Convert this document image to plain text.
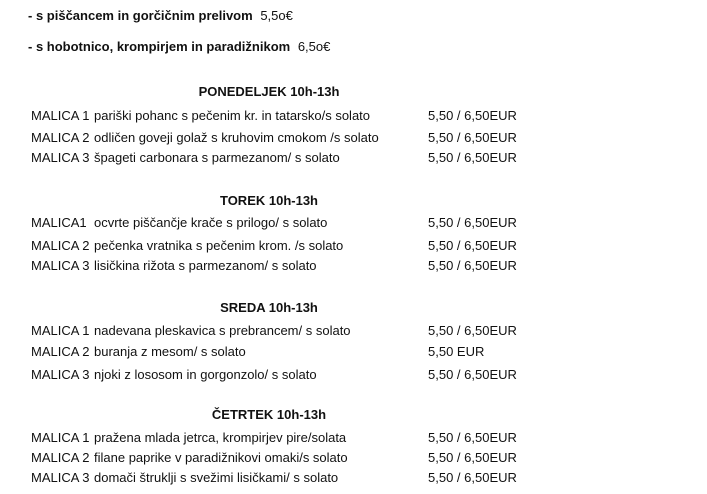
- s piščancem in gorčičnim prelivom 5,5o€
- s hobotnico, krompirjem in paradižnikom 6,5o€
PONEDELJEK 10h-13h
MALICA 1 pariški pohanc s pečenim kr. in tatarsko/s solato	5,50 / 6,50EUR
MALICA 2 odličen goveji golaž s kruhovim cmokom /s solato	5,50 / 6,50EUR
MALICA 3 špageti carbonara s parmezanom/ s solato	5,50 / 6,50EUR
TOREK 10h-13h
MALICA1 ocvrte piščančje krače s prilogo/ s solato	5,50 / 6,50EUR
MALICA 2 pečenka vratnika s pečenim krom. /s solato	5,50 / 6,50EUR
MALICA 3 lisičkina rižota s parmezanom/ s solato	5,50 / 6,50EUR
SREDA 10h-13h
MALICA 1 nadevana pleskavica s prebrancem/ s solato	5,50 / 6,50EUR
MALICA 2 buranja z mesom/ s solato	5,50 EUR
MALICA 3 njoki z lososom in gorgonzolo/ s solato	5,50 / 6,50EUR
ČETRTEK 10h-13h
MALICA 1 pražena mlada jetrca, krompirjev pire/solata	5,50 / 6,50EUR
MALICA 2 filane paprike v paradižnikovi omaki/s solato	5,50 / 6,50EUR
MALICA 3 domači štruklji s svežimi lisičkami/ s solato	5,50 / 6,50EUR
